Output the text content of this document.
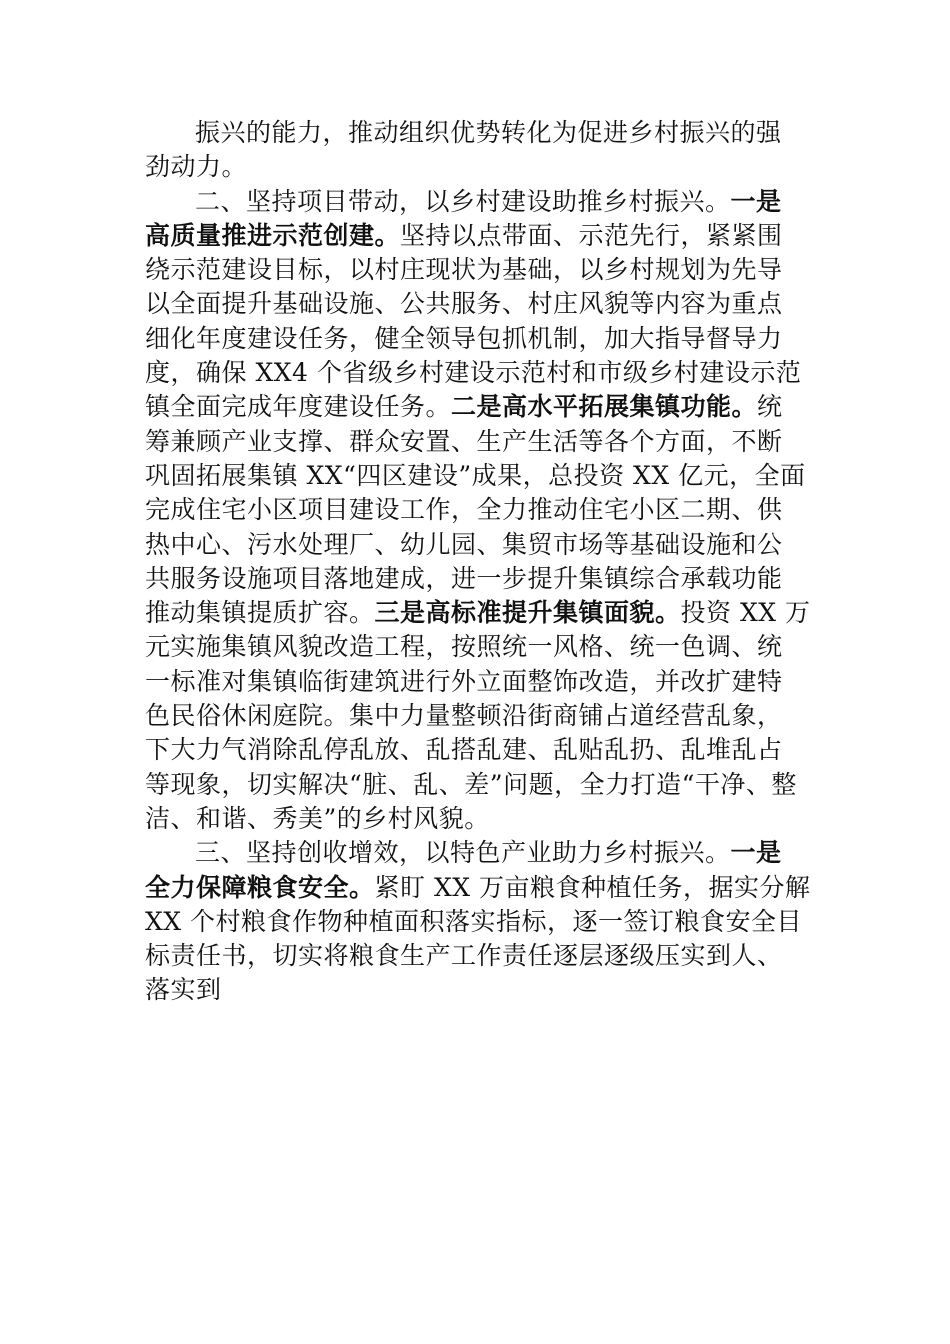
振兴的能力，推动组织优势转化为促进乡村振兴的强
劲动力。
二、坚持项目带动，以乡村建设助推乡村振兴。一是
高质量推进示范创建。坚持以点带面、示范先行，紧紧围
绕示范建设目标，以村庄现状为基础，以乡村规划为先导
以全面提升基础设施、公共服务、村庄风貌等内容为重点
细化年度建设任务，健全领导包抓机制，加大指导督导力
度，确保 XX4 个省级乡村建设示范村和市级乡村建设示范
镇全面完成年度建设任务。二是高水平拓展集镇功能。统
筹兼顾产业支撑、群众安置、生产生活等各个方面，不断
巩固拓展集镇 XX“四区建设”成果，总投资 XX 亿元，全面
完成住宅小区项目建设工作，全力推动住宅小区二期、供
热中心、污水处理厂、幼儿园、集贸市场等基础设施和公
共服务设施项目落地建成，进一步提升集镇综合承载功能
推动集镇提质扩容。三是高标准提升集镇面貌。投资 XX 万
元实施集镇风貌改造工程，按照统一风格、统一色调、统
一标准对集镇临街建筑进行外立面整饰改造，并改扩建特
色民俗休闲庭院。集中力量整顿沿街商铺占道经营乱象，
下大力气消除乱停乱放、乱搭乱建、乱贴乱扔、乱堆乱占
等现象，切实解决“脏、乱、差”问题，全力打造“干净、整
洁、和谐、秀美”的乡村风貌。
三、坚持创收增效，以特色产业助力乡村振兴。一是
全力保障粮食安全。紧盯 XX 万亩粮食种植任务，据实分解
XX 个村粮食作物种植面积落实指标，逐一签订粮食安全目
标责任书，切实将粮食生产工作责任逐层逐级压实到人、
落实到
